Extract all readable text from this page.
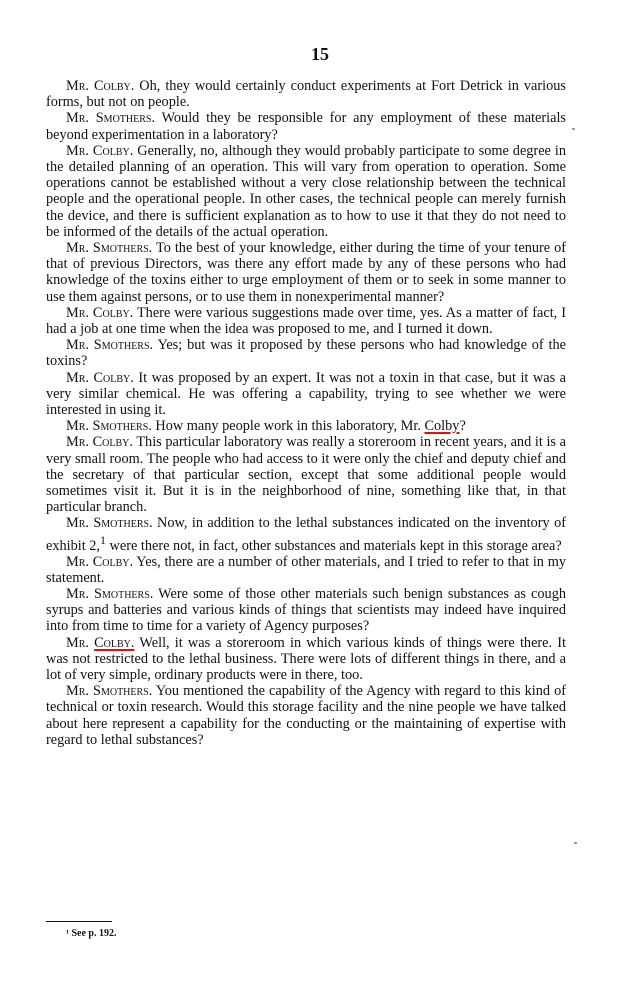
15

Mr. Colby. Oh, they would certainly conduct experiments at Fort Detrick in various forms, but not on people.

Mr. Smothers. Would they be responsible for any employment of these materials beyond experimentation in a laboratory?

Mr. Colby. Generally, no, although they would probably participate to some degree in the detailed planning of an operation. This will vary from operation to operation. Some operations cannot be established without a very close relationship between the technical people and the operational people. In other cases, the technical people can merely furnish the device, and there is sufficient explanation as to how to use it that they do not need to be informed of the details of the actual operation.

Mr. Smothers. To the best of your knowledge, either during the time of your tenure of that of previous Directors, was there any effort made by any of these persons who had knowledge of the toxins either to urge employment of them or to seek in some manner to use them against persons, or to use them in nonexperimental manner?

Mr. Colby. There were various suggestions made over time, yes. As a matter of fact, I had a job at one time when the idea was proposed to me, and I turned it down.

Mr. Smothers. Yes; but was it proposed by these persons who had knowledge of the toxins?

Mr. Colby. It was proposed by an expert. It was not a toxin in that case, but it was a very similar chemical. He was offering a capability, trying to see whether we were interested in using it.

Mr. Smothers. How many people work in this laboratory, Mr. Colby?

Mr. Colby. This particular laboratory was really a storeroom in recent years, and it is a very small room. The people who had access to it were only the chief and deputy chief and the secretary of that particular section, except that some additional people would sometimes visit it. But it is in the neighborhood of nine, something like that, in that particular branch.

Mr. Smothers. Now, in addition to the lethal substances indicated on the inventory of exhibit 2,$^1$ were there not, in fact, other substances and materials kept in this storage area?

Mr. Colby. Yes, there are a number of other materials, and I tried to refer to that in my statement.

Mr. Smothers. Were some of those other materials such benign substances as cough syrups and batteries and various kinds of things that scientists may indeed have inquired into from time to time for a variety of Agency purposes?

Mr. Colby. Well, it was a storeroom in which various kinds of things were there. It was not restricted to the lethal business. There were lots of different things in there, and a lot of very simple, ordinary products were in there, too.

Mr. Smothers. You mentioned the capability of the Agency with regard to this kind of technical or toxin research. Would this storage facility and the nine people we have talked about here represent a capability for the conducting or the maintaining of expertise with regard to lethal substances?

¹ See p. 192.
